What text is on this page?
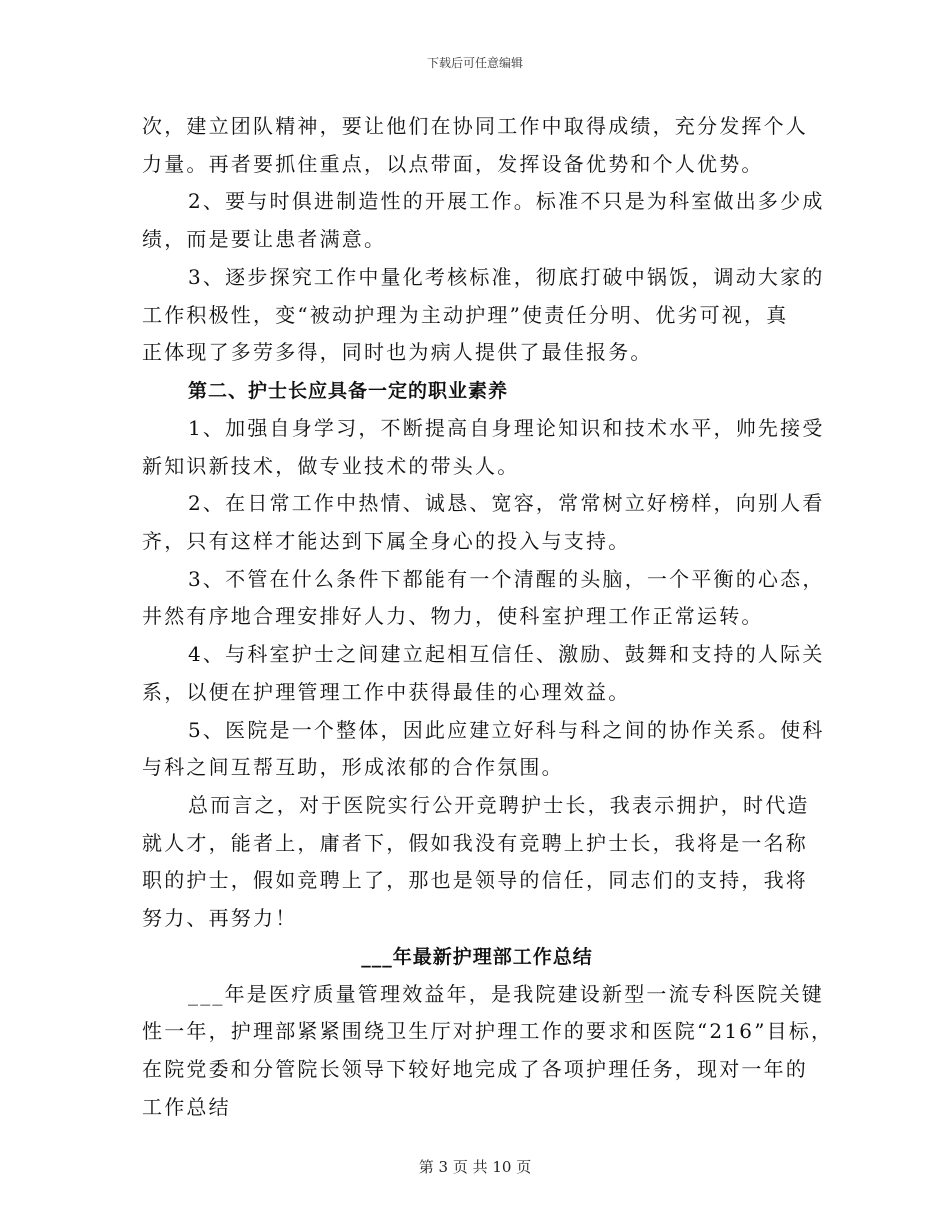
下载后可任意编辑

次，建立团队精神，要让他们在协同工作中取得成绩，充分发挥个人
力量。再者要抓住重点，以点带面，发挥设备优势和个人优势。

2、要与时俱进制造性的开展工作。标准不只是为科室做出多少成
绩，而是要让患者满意。

3、逐步探究工作中量化考核标准，彻底打破中锅饭，调动大家的
工作积极性，变“被动护理为主动护理”使责任分明、优劣可视，真
正体现了多劳多得，同时也为病人提供了最佳报务。

第二、护士长应具备一定的职业素养

1、加强自身学习，不断提高自身理论知识和技术水平，帅先接受
新知识新技术，做专业技术的带头人。

2、在日常工作中热情、诚恳、宽容，常常树立好榜样，向别人看
齐，只有这样才能达到下属全身心的投入与支持。

3、不管在什么条件下都能有一个清醒的头脑，一个平衡的心态，
井然有序地合理安排好人力、物力，使科室护理工作正常运转。

4、与科室护士之间建立起相互信任、激励、鼓舞和支持的人际关
系，以便在护理管理工作中获得最佳的心理效益。

5、医院是一个整体，因此应建立好科与科之间的协作关系。使科
与科之间互帮互助，形成浓郁的合作氛围。

总而言之，对于医院实行公开竞聘护士长，我表示拥护，时代造
就人才，能者上，庸者下，假如我没有竞聘上护士长，我将是一名称
职的护士，假如竞聘上了，那也是领导的信任，同志们的支持，我将
努力、再努力！

___年最新护理部工作总结

___年是医疗质量管理效益年，是我院建设新型一流专科医院关键
性一年，护理部紧紧围绕卫生厅对护理工作的要求和医院“216”目标，
在院党委和分管院长领导下较好地完成了各项护理任务，现对一年的
工作总结

第 3 页 共 10 页
